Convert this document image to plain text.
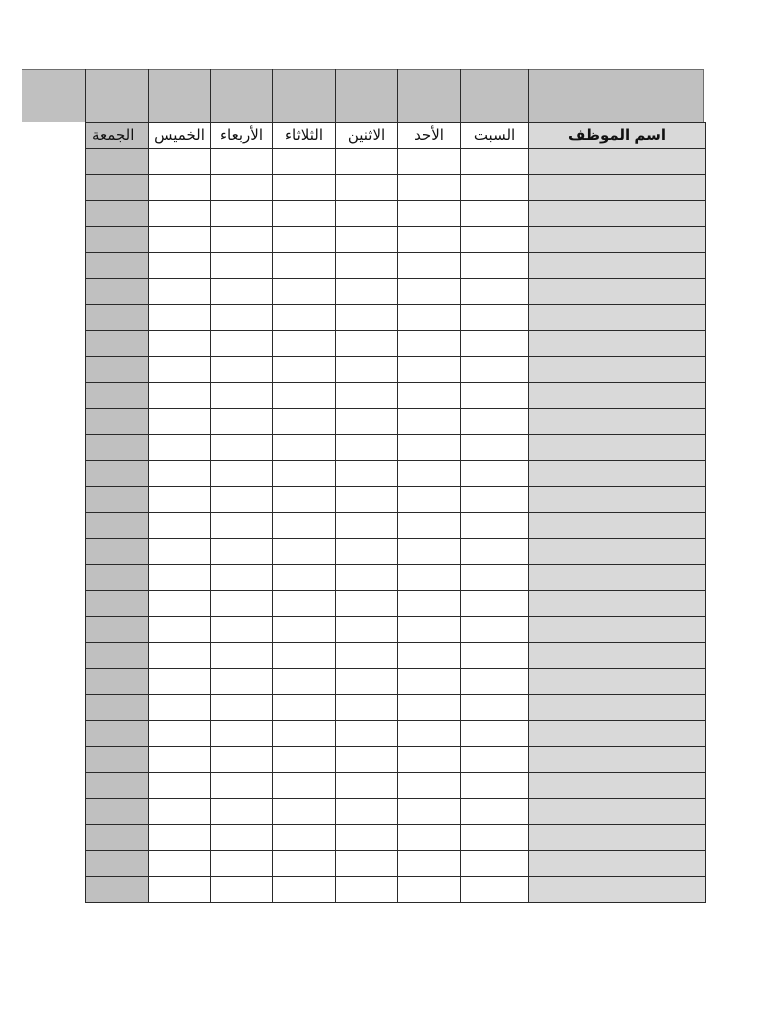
الجمعة	الخميس	الأربعاء	الثلاثاء	الاثنين	الأحد	السبت	اسم الموظف
